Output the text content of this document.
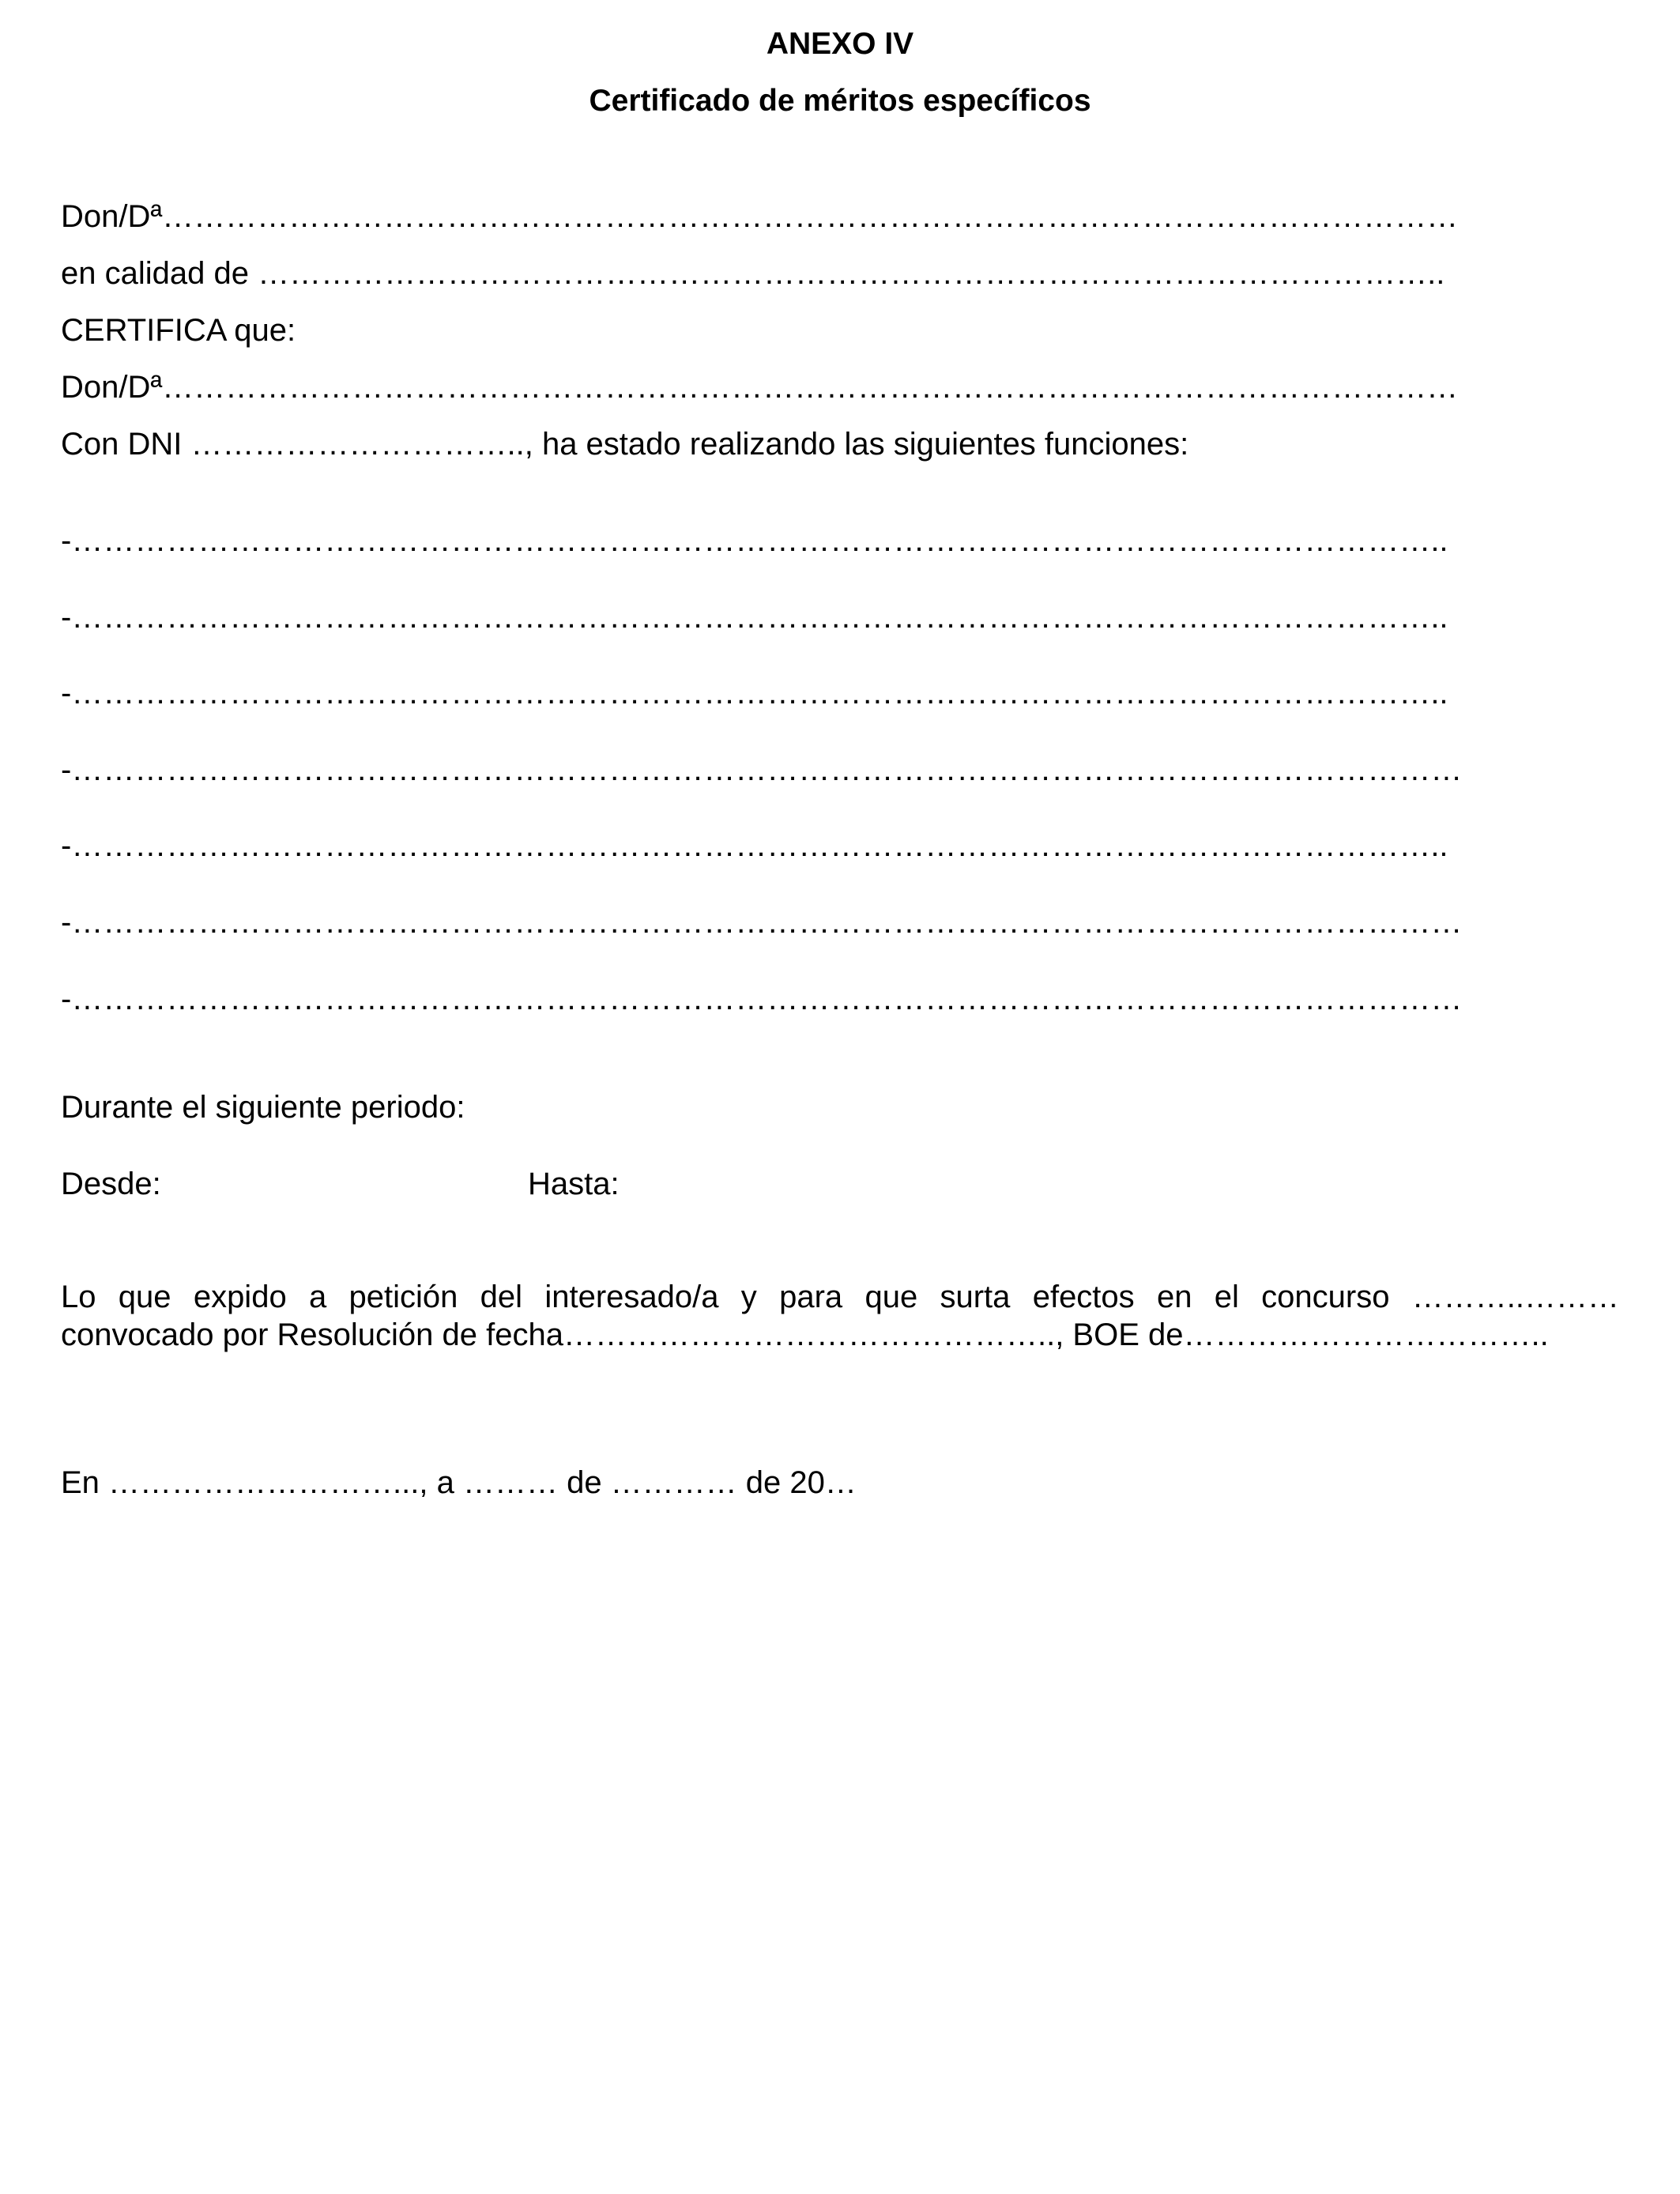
ANEXO IV
Certificado de méritos específicos
Don/Dª……………………………………………………………………………………………………………
en calidad de …………………………………………………………………………………………………..
CERTIFICA que:
Don/Dª……………………………………………………………………………………………………………
Con DNI ………………………….., ha estado realizando las siguientes funciones:
-…………………………………………………………………………………………………………………..
-…………………………………………………………………………………………………………………..
-…………………………………………………………………………………………………………………..
-……………………………………………………………………………………………………………………
-…………………………………………………………………………………………………………………..
-……………………………………………………………………………………………………………………
-……………………………………………………………………………………………………………………
Durante el siguiente periodo:
Desde:	Hasta:
Lo que expido a petición del interesado/a y para que surta efectos en el concurso ………..………
convocado por Resolución de fecha……………………………………….., BOE de……………………………..
En ………………………..., a ……… de ………… de 20…
